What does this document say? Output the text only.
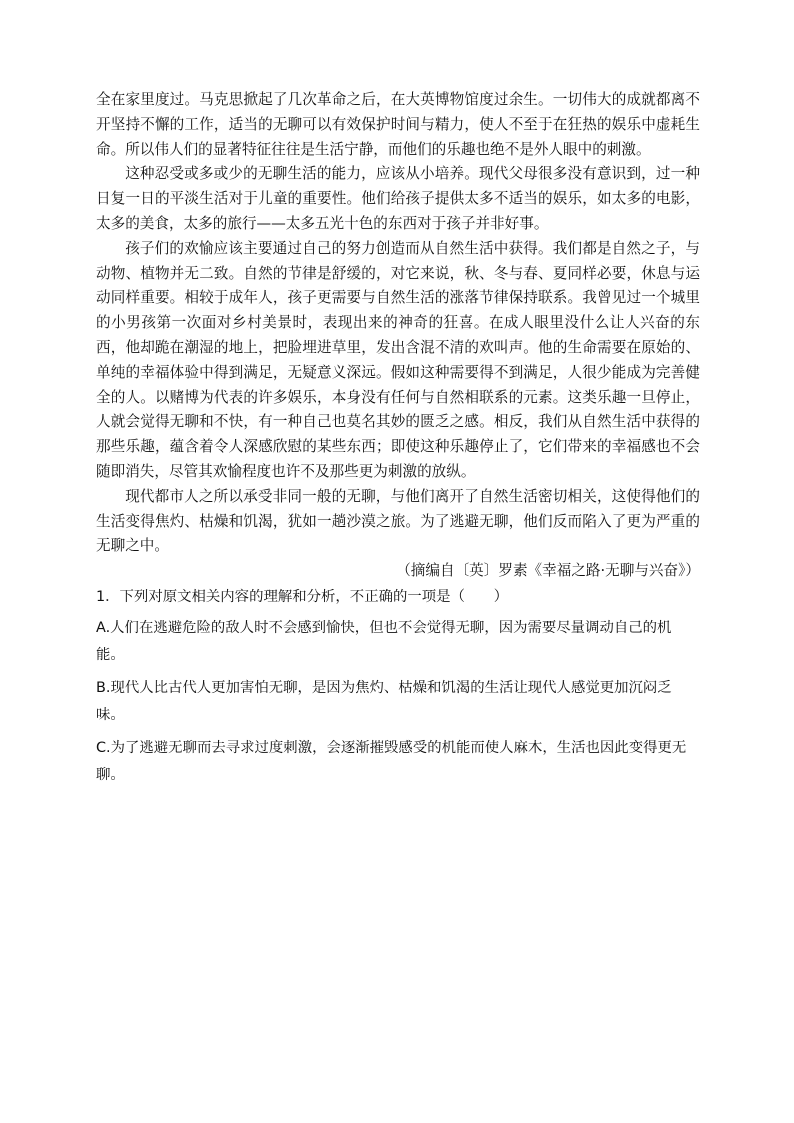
全在家里度过。马克思掀起了几次革命之后，在大英博物馆度过余生。一切伟大的成就都离不开坚持不懈的工作，适当的无聊可以有效保护时间与精力，使人不至于在狂热的娱乐中虚耗生命。所以伟人们的显著特征往往是生活宁静，而他们的乐趣也绝不是外人眼中的刺激。

这种忍受或多或少的无聊生活的能力，应该从小培养。现代父母很多没有意识到，过一种日复一日的平淡生活对于儿童的重要性。他们给孩子提供太多不适当的娱乐，如太多的电影，太多的美食，太多的旅行——太多五光十色的东西对于孩子并非好事。

孩子们的欢愉应该主要通过自己的努力创造而从自然生活中获得。我们都是自然之子，与动物、植物并无二致。自然的节律是舒缓的，对它来说，秋、冬与春、夏同样必要，休息与运动同样重要。相较于成年人，孩子更需要与自然生活的涨落节律保持联系。我曾见过一个城里的小男孩第一次面对乡村美景时，表现出来的神奇的狂喜。在成人眼里没什么让人兴奋的东西，他却跪在潮湿的地上，把脸埋进草里，发出含混不清的欢叫声。他的生命需要在原始的、单纯的幸福体验中得到满足，无疑意义深远。假如这种需要得不到满足，人很少能成为完善健全的人。以赌博为代表的许多娱乐，本身没有任何与自然相联系的元素。这类乐趣一旦停止，人就会觉得无聊和不快，有一种自己也莫名其妙的匮乏之感。相反，我们从自然生活中获得的那些乐趣，蕴含着令人深感欣慰的某些东西；即使这种乐趣停止了，它们带来的幸福感也不会随即消失，尽管其欢愉程度也许不及那些更为刺激的放纵。

现代都市人之所以承受非同一般的无聊，与他们离开了自然生活密切相关，这使得他们的生活变得焦灼、枯燥和饥渴，犹如一趟沙漠之旅。为了逃避无聊，他们反而陷入了更为严重的无聊之中。

（摘编自〔英〕罗素《幸福之路·无聊与兴奋》）

1．下列对原文相关内容的理解和分析，不正确的一项是（　　）

A.人们在逃避危险的敌人时不会感到愉快，但也不会觉得无聊，因为需要尽量调动自己的机能。

B.现代人比古代人更加害怕无聊，是因为焦灼、枯燥和饥渴的生活让现代人感觉更加沉闷乏味。

C.为了逃避无聊而去寻求过度刺激，会逐渐摧毁感受的机能而使人麻木，生活也因此变得更无聊。
